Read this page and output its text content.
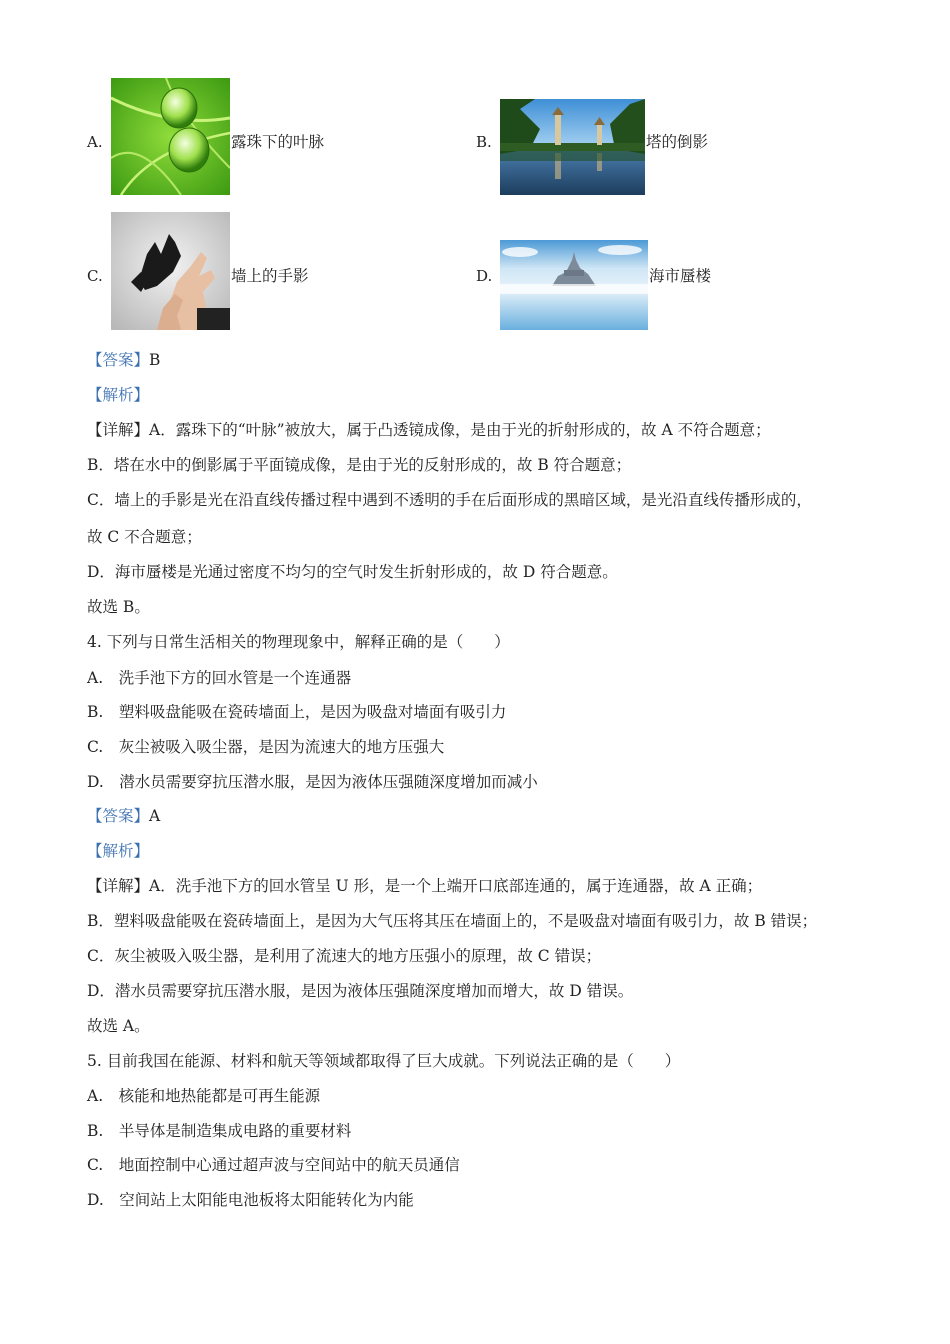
A.	露珠下的叶脉	B.	塔的倒影
C.	墙上的手影	D.	海市蜃楼
【答案】B
【解析】
【详解】A．露珠下的“叶脉”被放大，属于凸透镜成像，是由于光的折射形成的，故 A 不符合题意；
B．塔在水中的倒影属于平面镜成像，是由于光的反射形成的，故 B 符合题意；
C．墙上的手影是光在沿直线传播过程中遇到不透明的手在后面形成的黑暗区域，是光沿直线传播形成的，
故 C 不合题意；
D．海市蜃楼是光通过密度不均匀的空气时发生折射形成的，故 D 符合题意。
故选 B。
4. 下列与日常生活相关的物理现象中，解释正确的是（　　）
A.　洗手池下方的回水管是一个连通器
B.　塑料吸盘能吸在瓷砖墙面上，是因为吸盘对墙面有吸引力
C.　灰尘被吸入吸尘器，是因为流速大的地方压强大
D.　潜水员需要穿抗压潜水服，是因为液体压强随深度增加而减小
【答案】A
【解析】
【详解】A．洗手池下方的回水管呈 U 形，是一个上端开口底部连通的，属于连通器，故 A 正确；
B．塑料吸盘能吸在瓷砖墙面上，是因为大气压将其压在墙面上的，不是吸盘对墙面有吸引力，故 B 错误；
C．灰尘被吸入吸尘器，是利用了流速大的地方压强小的原理，故 C 错误；
D．潜水员需要穿抗压潜水服，是因为液体压强随深度增加而增大，故 D 错误。
故选 A。
5. 目前我国在能源、材料和航天等领域都取得了巨大成就。下列说法正确的是（　　）
A.　核能和地热能都是可再生能源
B.　半导体是制造集成电路的重要材料
C.　地面控制中心通过超声波与空间站中的航天员通信
D.　空间站上太阳能电池板将太阳能转化为内能
